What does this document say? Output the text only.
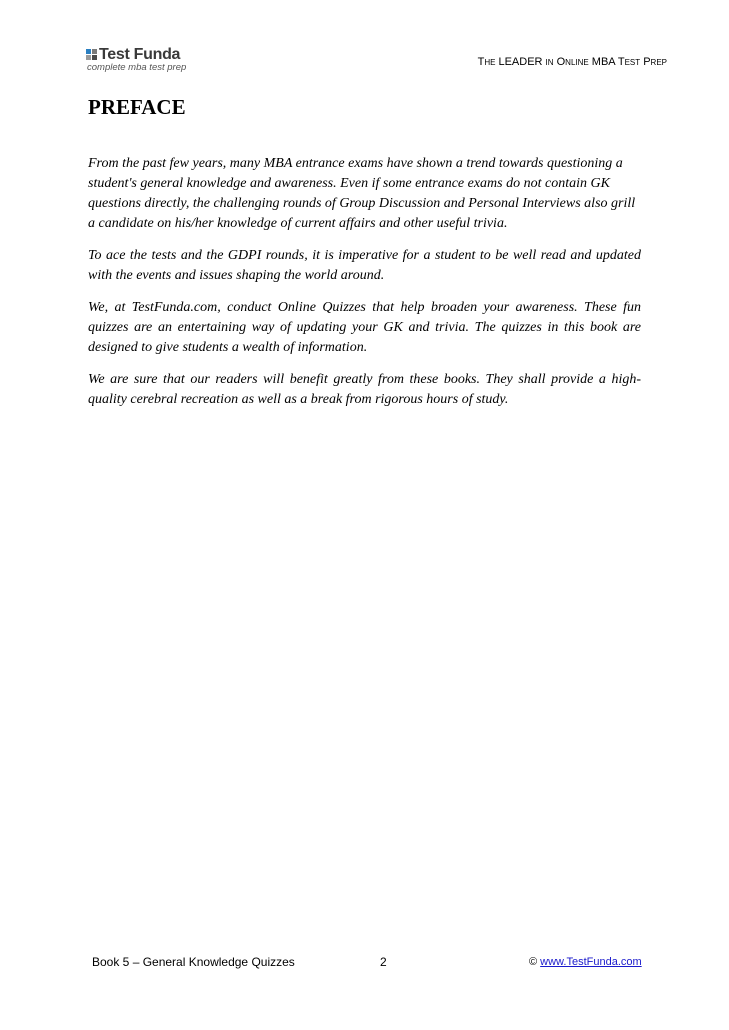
Test Funda
complete mba test prep	The LEADER in Online MBA Test Prep
PREFACE

From the past few years, many MBA entrance exams have shown a trend towards questioning a student's general knowledge and awareness. Even if some entrance exams do not contain GK questions directly, the challenging rounds of Group Discussion and Personal Interviews also grill a candidate on his/her knowledge of current affairs and other useful trivia.

To ace the tests and the GDPI rounds, it is imperative for a student to be well read and updated with the events and issues shaping the world around.

We, at TestFunda.com, conduct Online Quizzes that help broaden your awareness. These fun quizzes are an entertaining way of updating your GK and trivia. The quizzes in this book are designed to give students a wealth of information.

We are sure that our readers will benefit greatly from these books. They shall provide a high-quality cerebral recreation as well as a break from rigorous hours of study.

Book 5 – General Knowledge Quizzes	2	© www.TestFunda.com
